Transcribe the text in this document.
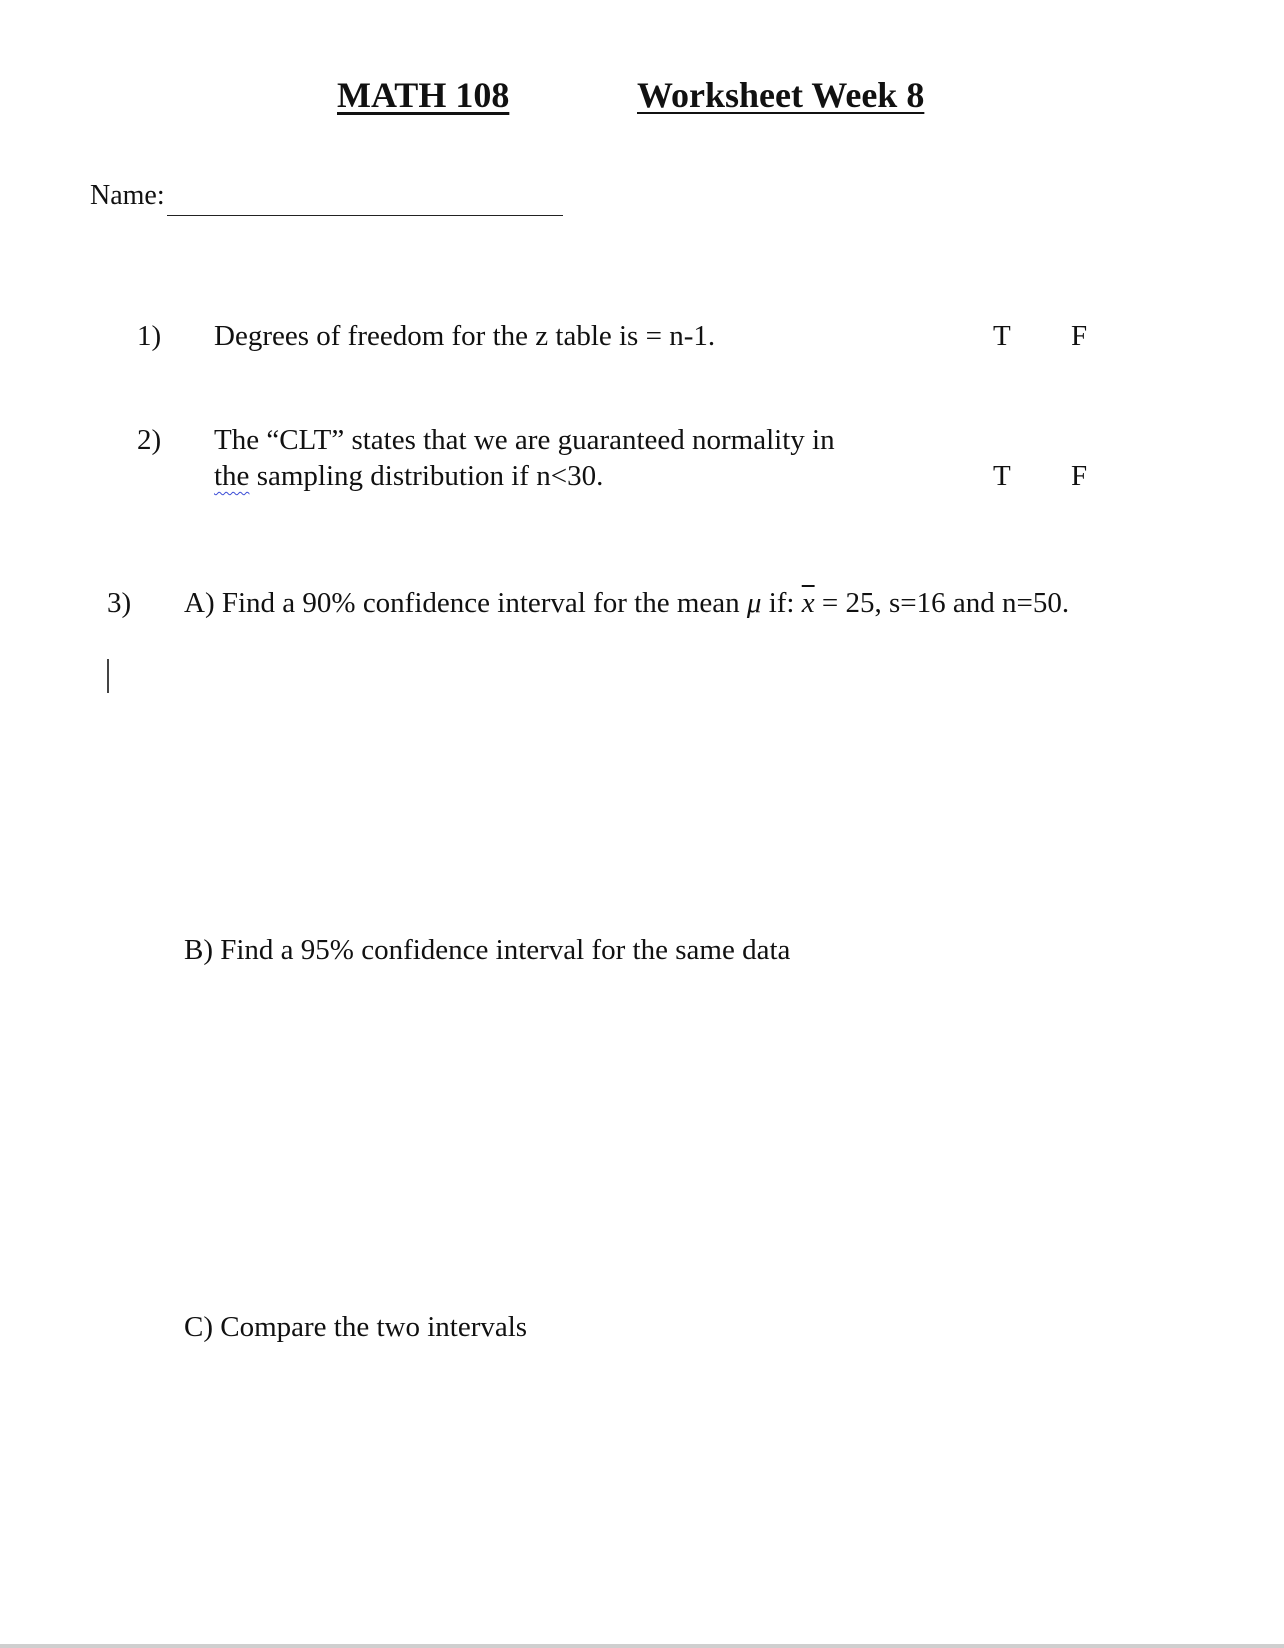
MATH 108	Worksheet Week 8
Name:
1) Degrees of freedom for the z table is = n-1.	T F
2) The “CLT” states that we are guaranteed normality in
the sampling distribution if n<30.	T F
3) A) Find a 90% confidence interval for the mean μ if: $\overline{x} = 25$, s=16 and n=50.
B) Find a 95% confidence interval for the same data
C) Compare the two intervals
